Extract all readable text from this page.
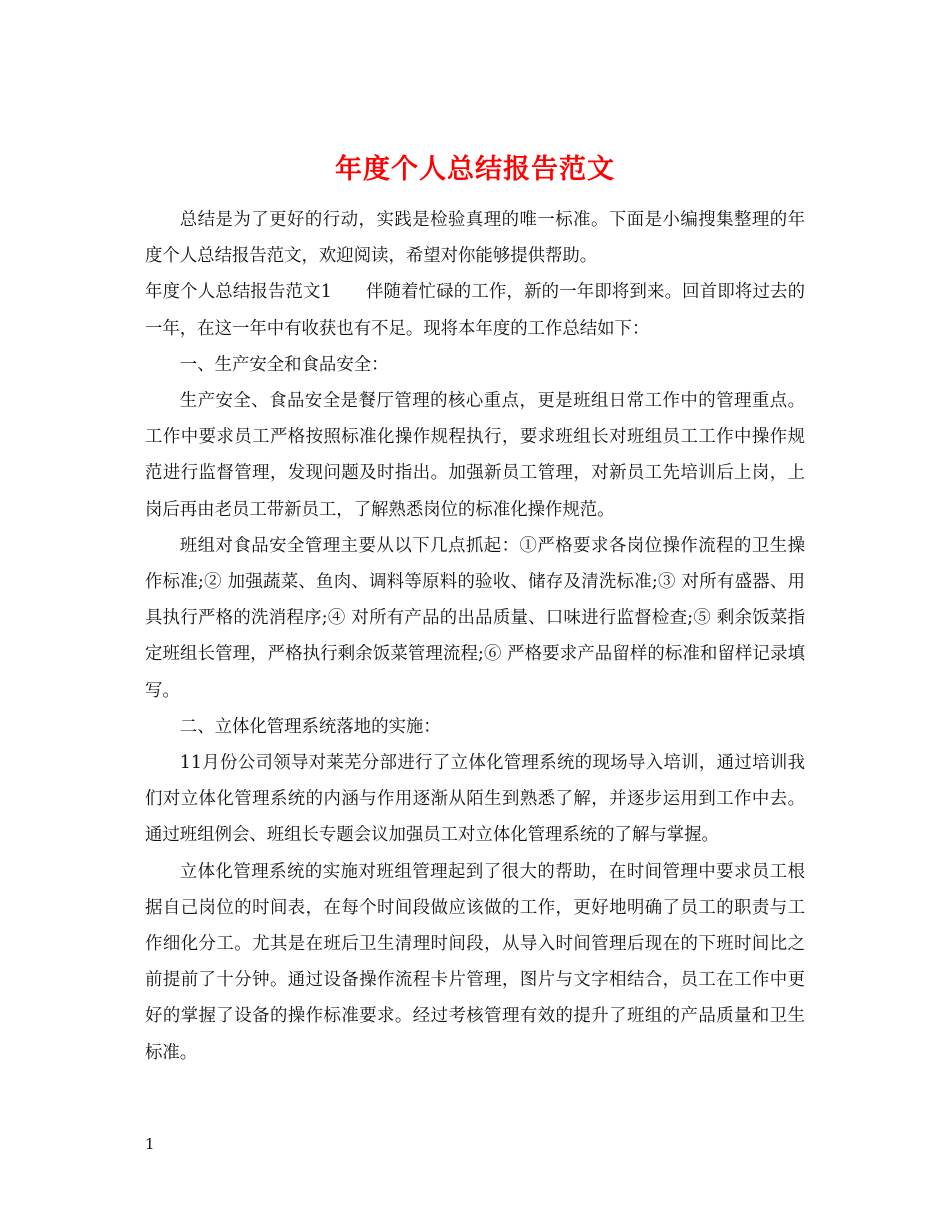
年度个人总结报告范文

总结是为了更好的行动，实践是检验真理的唯一标准。下面是小编搜集整理的年度个人总结报告范文，欢迎阅读，希望对你能够提供帮助。

年度个人总结报告范文1 伴随着忙碌的工作，新的一年即将到来。回首即将过去的一年，在这一年中有收获也有不足。现将本年度的工作总结如下：

一、生产安全和食品安全：

生产安全、食品安全是餐厅管理的核心重点，更是班组日常工作中的管理重点。工作中要求员工严格按照标准化操作规程执行，要求班组长对班组员工工作中操作规范进行监督管理，发现问题及时指出。加强新员工管理，对新员工先培训后上岗，上岗后再由老员工带新员工，了解熟悉岗位的标准化操作规范。

班组对食品安全管理主要从以下几点抓起：①严格要求各岗位操作流程的卫生操作标准;② 加强蔬菜、鱼肉、调料等原料的验收、储存及清洗标准;③ 对所有盛器、用具执行严格的洗消程序;④ 对所有产品的出品质量、口味进行监督检查;⑤ 剩余饭菜指定班组长管理，严格执行剩余饭菜管理流程;⑥ 严格要求产品留样的标准和留样记录填写。

二、立体化管理系统落地的实施：

11月份公司领导对莱芜分部进行了立体化管理系统的现场导入培训，通过培训我们对立体化管理系统的内涵与作用逐渐从陌生到熟悉了解，并逐步运用到工作中去。通过班组例会、班组长专题会议加强员工对立体化管理系统的了解与掌握。

立体化管理系统的实施对班组管理起到了很大的帮助，在时间管理中要求员工根据自己岗位的时间表，在每个时间段做应该做的工作，更好地明确了员工的职责与工作细化分工。尤其是在班后卫生清理时间段，从导入时间管理后现在的下班时间比之前提前了十分钟。通过设备操作流程卡片管理，图片与文字相结合，员工在工作中更好的掌握了设备的操作标准要求。经过考核管理有效的提升了班组的产品质量和卫生标准。

1
